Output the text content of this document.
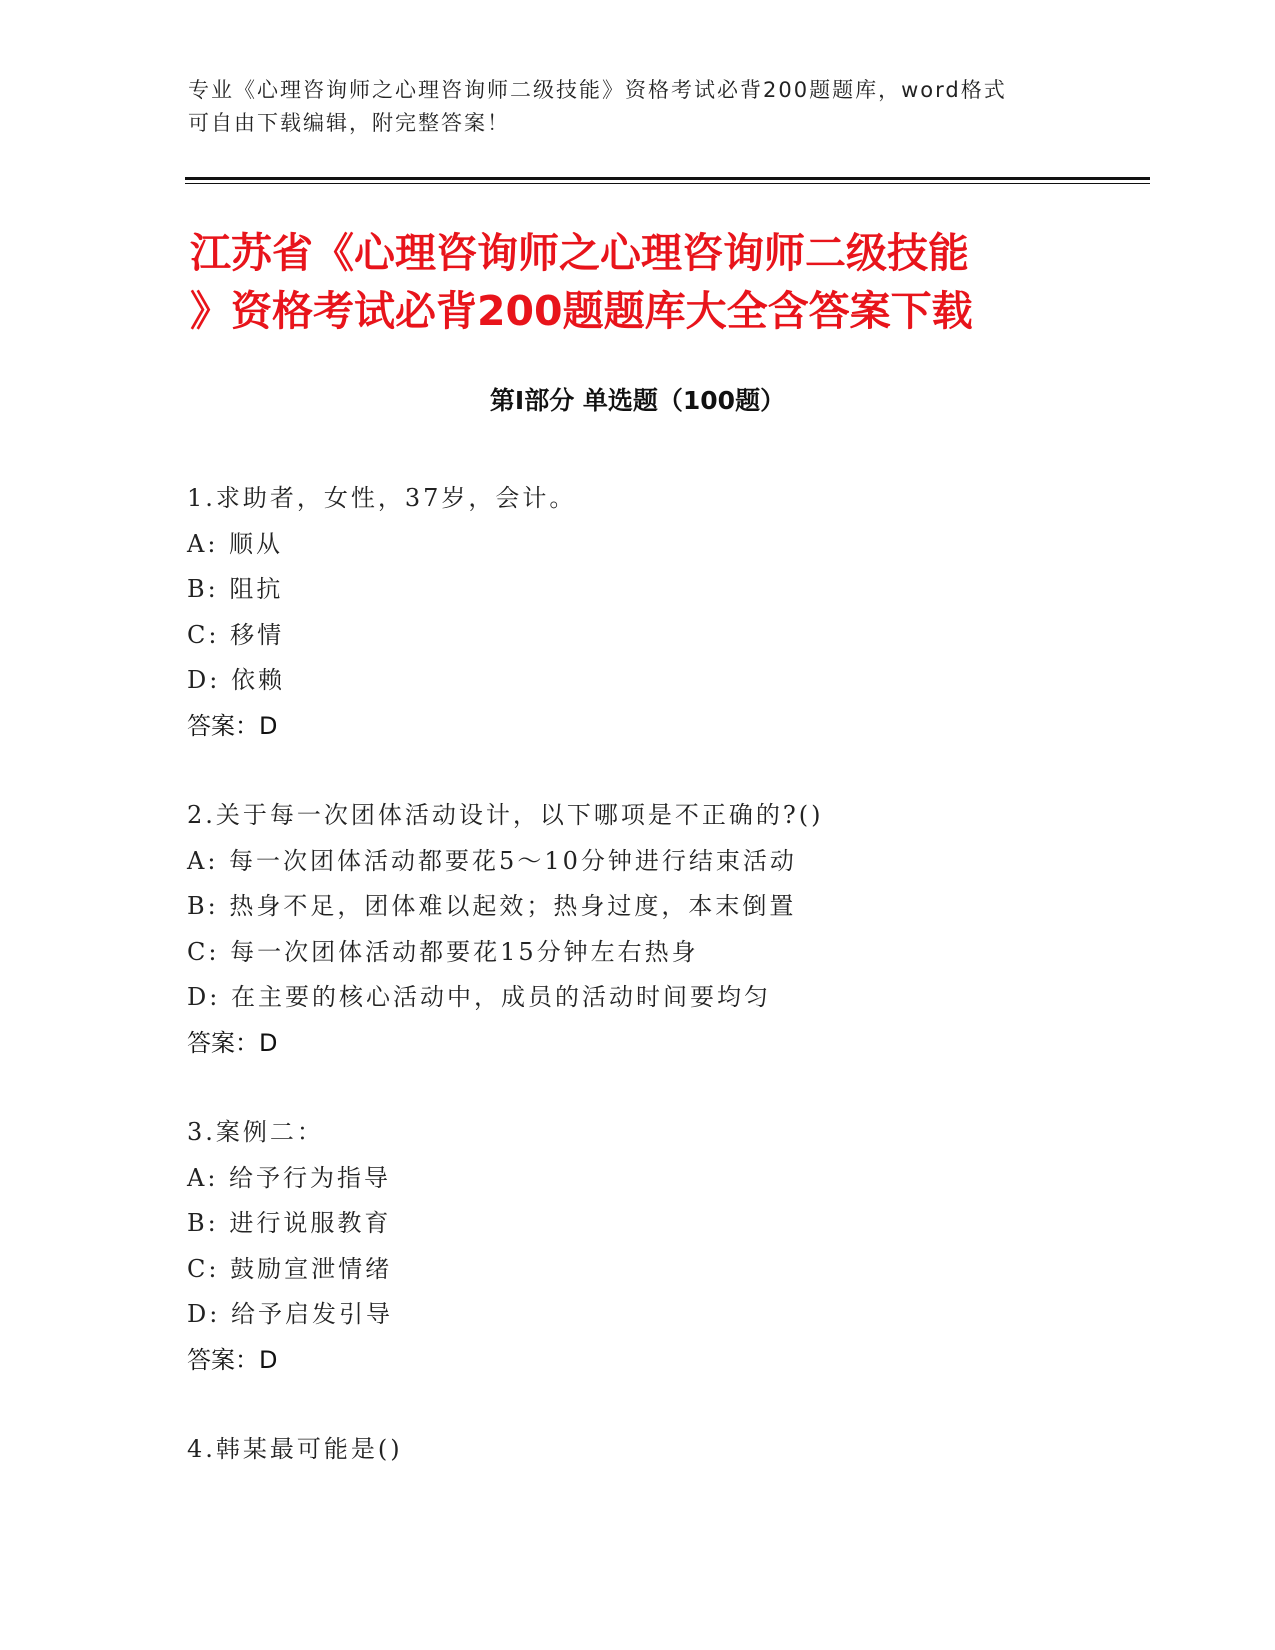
专业《心理咨询师之心理咨询师二级技能》资格考试必背200题题库，word格式
可自由下载编辑，附完整答案！
江苏省《心理咨询师之心理咨询师二级技能
》资格考试必背200题题库大全含答案下载
第Ⅰ部分 单选题（100题）
1.求助者，女性，37岁，会计。
A: 顺从
B: 阻抗
C: 移情
D: 依赖
答案：D
2.关于每一次团体活动设计，以下哪项是不正确的?()
A: 每一次团体活动都要花5～10分钟进行结束活动
B: 热身不足，团体难以起效；热身过度，本末倒置
C: 每一次团体活动都要花15分钟左右热身
D: 在主要的核心活动中，成员的活动时间要均匀
答案：D
3.案例二：
A: 给予行为指导
B: 进行说服教育
C: 鼓励宣泄情绪
D: 给予启发引导
答案：D
4.韩某最可能是()
